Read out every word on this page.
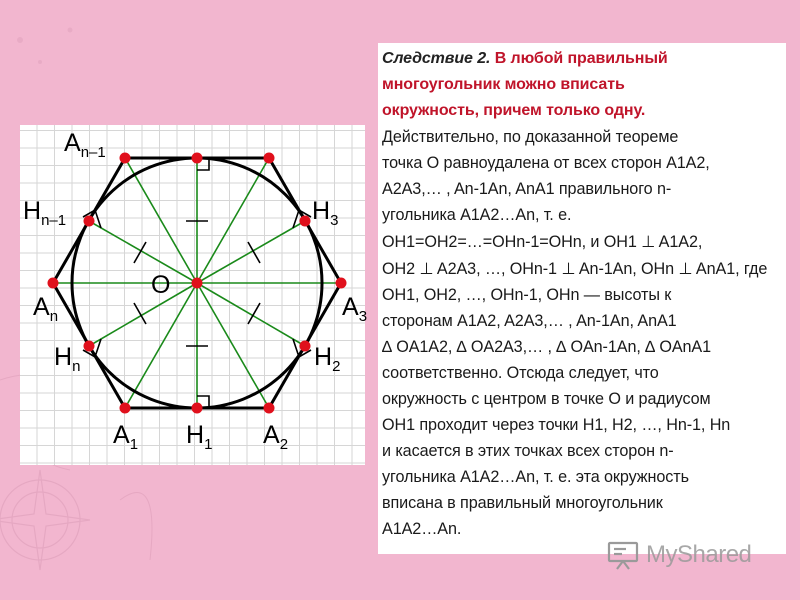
$A_{n-1}$
$H_{n-1}$	$H_3$
O
$A_n$	$A_3$
$H_n$	$H_2$
$A_1$ $H_1$ $A_2$
Следствие 2. В любой правильный
многоугольник можно вписать
окружность, причем только одну.
Действительно, по доказанной теореме
точка O равноудалена от всех сторон A1A2,
A2A3,… , An-1An, AnA1 правильного n-
угольника A1A2…An, т. е.
OH1=OH2=…=OHn-1=OHn, и OH1 ⊥ A1A2,
OH2 ⊥ A2A3, …, OHn-1 ⊥ An-1An, OHn ⊥ AnA1, где
OH1, OH2, …, OHn-1, OHn — высоты к
сторонам A1A2, A2A3,… , An-1An, AnA1
∆ OA1A2, ∆ OA2A3,… , ∆ OAn-1An, ∆ OAnA1
соответственно. Отсюда следует, что
окружность с центром в точке O и радиусом
OH1 проходит через точки H1, H2, …, Hn-1, Hn
и касается в этих точках всех сторон n-
угольника A1A2…An, т. е. эта окружность
вписана в правильный многоугольник
A1A2…An.
MyShared
